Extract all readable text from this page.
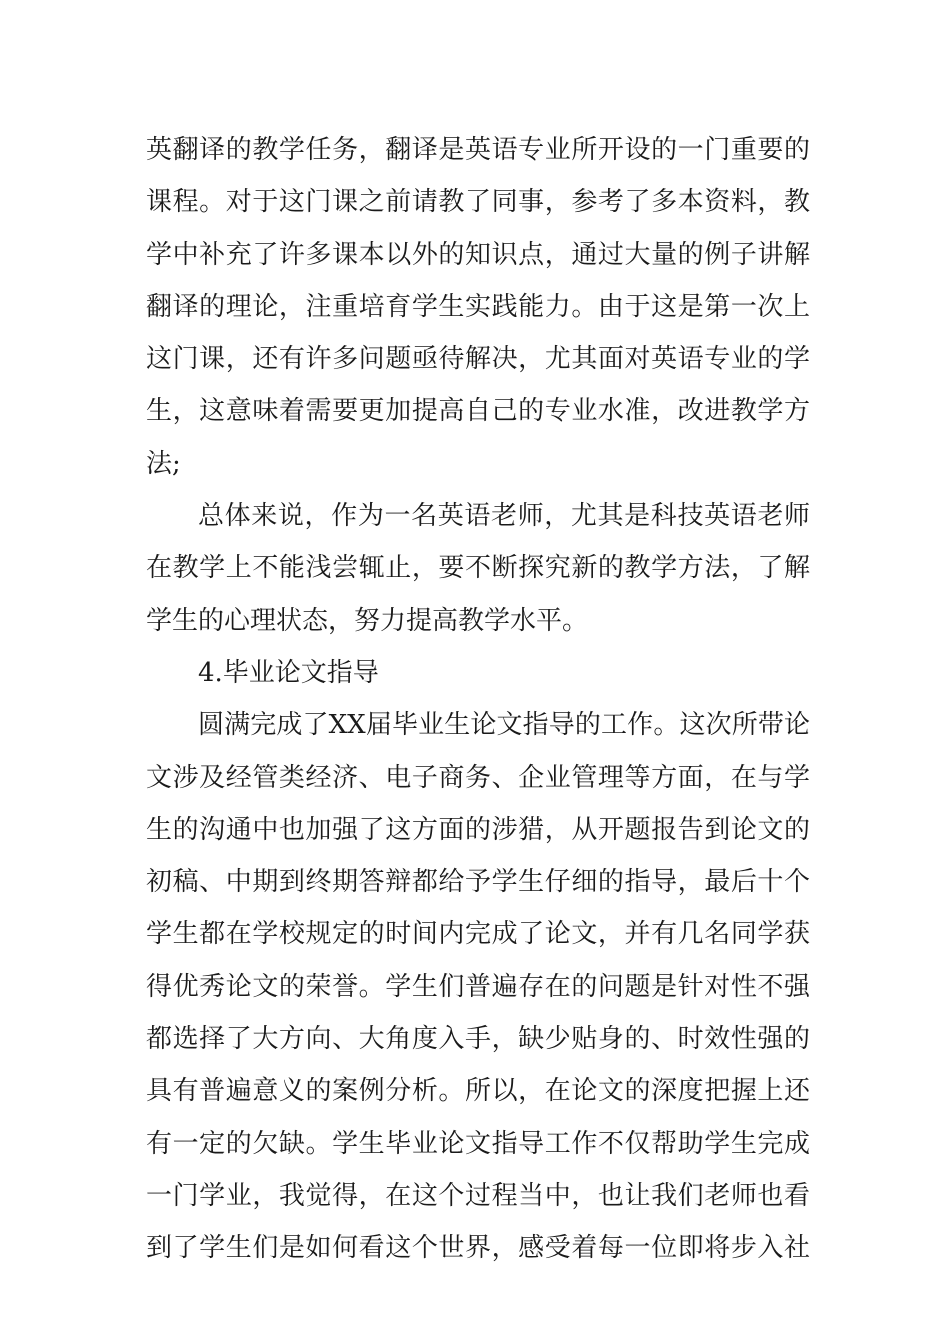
英翻译的教学任务，翻译是英语专业所开设的一门重要的
课程。对于这门课之前请教了同事，参考了多本资料，教
学中补充了许多课本以外的知识点，通过大量的例子讲解
翻译的理论，注重培育学生实践能力。由于这是第一次上
这门课，还有许多问题亟待解决，尤其面对英语专业的学
生，这意味着需要更加提高自己的专业水准，改进教学方
法;
总体来说，作为一名英语老师，尤其是科技英语老师
在教学上不能浅尝辄止，要不断探究新的教学方法，了解
学生的心理状态，努力提高教学水平。
4.毕业论文指导
圆满完成了XX届毕业生论文指导的工作。这次所带论
文涉及经管类经济、电子商务、企业管理等方面，在与学
生的沟通中也加强了这方面的涉猎，从开题报告到论文的
初稿、中期到终期答辩都给予学生仔细的指导，最后十个
学生都在学校规定的时间内完成了论文，并有几名同学获
得优秀论文的荣誉。学生们普遍存在的问题是针对性不强
都选择了大方向、大角度入手，缺少贴身的、时效性强的
具有普遍意义的案例分析。所以，在论文的深度把握上还
有一定的欠缺。学生毕业论文指导工作不仅帮助学生完成
一门学业，我觉得，在这个过程当中，也让我们老师也看
到了学生们是如何看这个世界，感受着每一位即将步入社
